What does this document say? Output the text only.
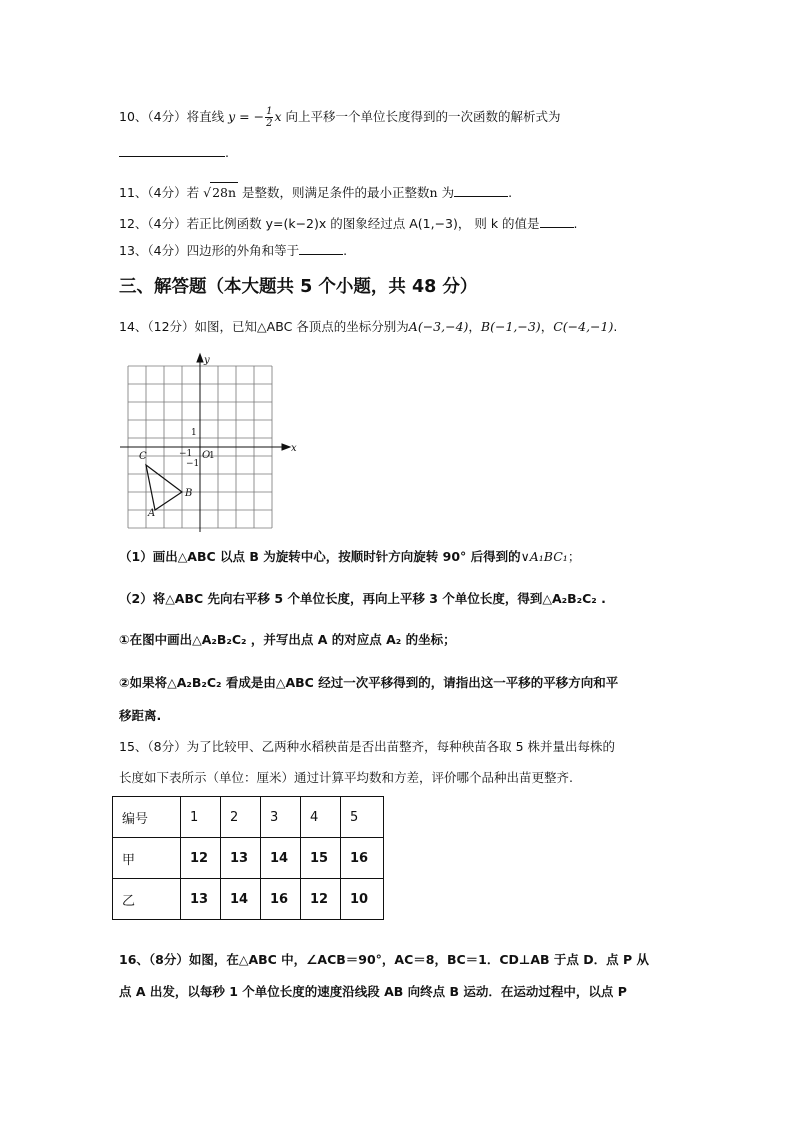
10、（4分）将直线 y = − $\frac{1}{2}$ x 向上平移一个单位长度得到的一次函数的解析式为
.
11、（4分）若 √28n 是整数，则满足条件的最小正整数n 为	.
12、（4分）若正比例函数 y=(k−2)x 的图象经过点 A(1,−3)， 则 k 的值是	.
13、（4分）四边形的外角和等于	.
三、解答题（本大题共 5 个小题，共 48 分）
14、（12分）如图，已知△ABC 各顶点的坐标分别为A(−3,−4)，B(−1,−3)，C(−4,−1).
x
y
O
1
−1
1
−1
C
B
A
（1）画出△ABC 以点 B 为旋转中心，按顺时针方向旋转 90° 后得到的∨A₁BC₁；
（2）将△ABC 先向右平移 5 个单位长度，再向上平移 3 个单位长度，得到△A₂B₂C₂ .
①在图中画出△A₂B₂C₂ ，并写出点 A 的对应点 A₂ 的坐标；
②如果将△A₂B₂C₂ 看成是由△ABC 经过一次平移得到的，请指出这一平移的平移方向和平
移距离.
15、（8分）为了比较甲、乙两种水稻秧苗是否出苗整齐，每种秧苗各取 5 株并量出每株的
长度如下表所示（单位：厘米）通过计算平均数和方差，评价哪个品种出苗更整齐.
编号	1	2	3	4	5
甲	12	13	14	15	16
乙	13	14	16	12	10
16、（8分）如图，在△ABC 中，∠ACB＝90°，AC＝8，BC＝1．CD⊥AB 于点 D．点 P 从
点 A 出发，以每秒 1 个单位长度的速度沿线段 AB 向终点 B 运动．在运动过程中，以点 P
